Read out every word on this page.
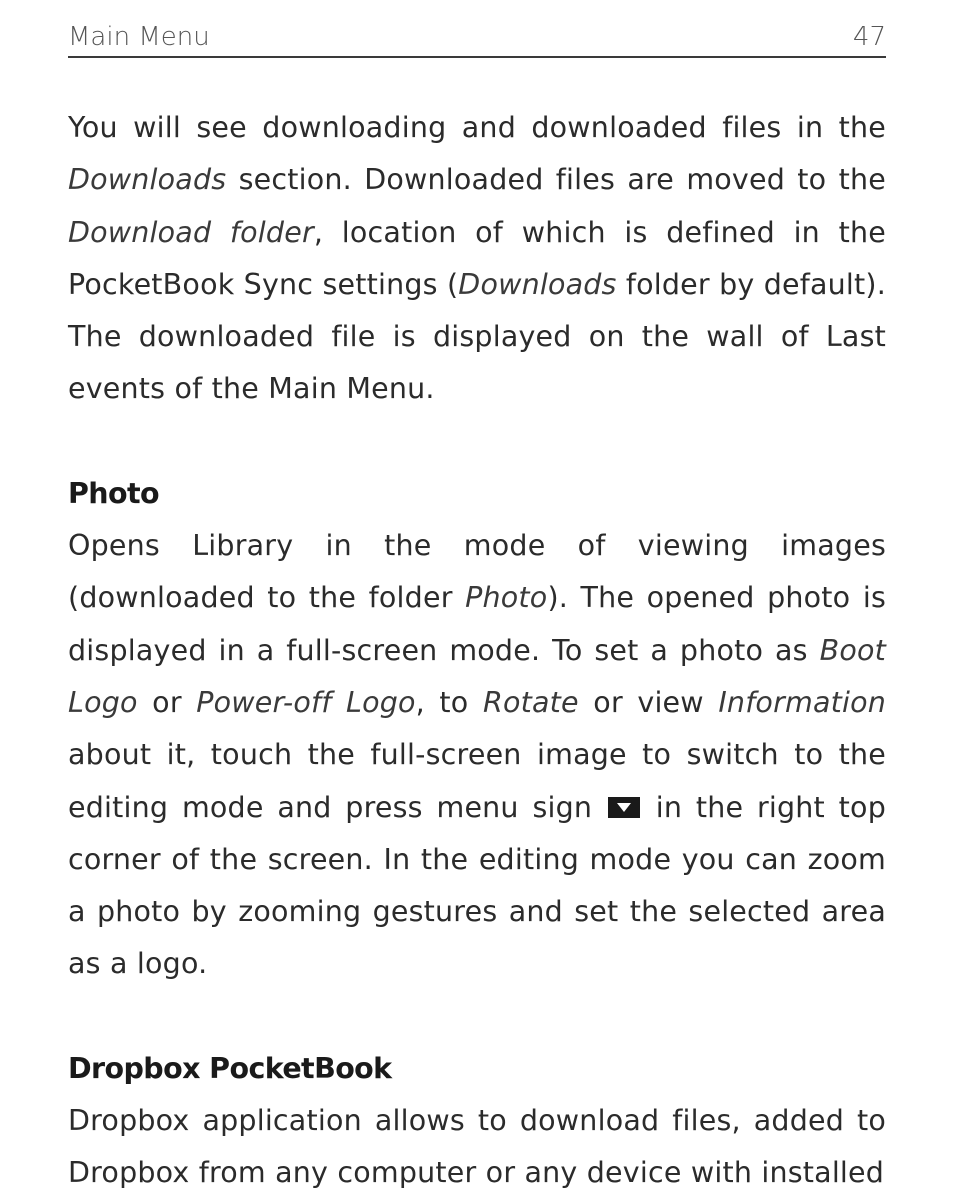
Main Menu	47

You will see downloading and downloaded files in the Downloads section. Downloaded files are moved to the Download folder, location of which is defined in the PocketBook Sync settings (Downloads folder by default). The downloaded file is displayed on the wall of Last events of the Main Menu.

Photo

Opens Library in the mode of viewing images (downloaded to the folder Photo). The opened photo is displayed in a full-screen mode. To set a photo as Boot Logo or Power-off Logo, to Rotate or view Information about it, touch the full-screen image to switch to the editing mode and press menu sign  in the right top corner of the screen. In the editing mode you can zoom a photo by zooming gestures and set the selected area as a logo.

Dropbox PocketBook

Dropbox application allows to download files, added to Dropbox from any computer or any device with installed
